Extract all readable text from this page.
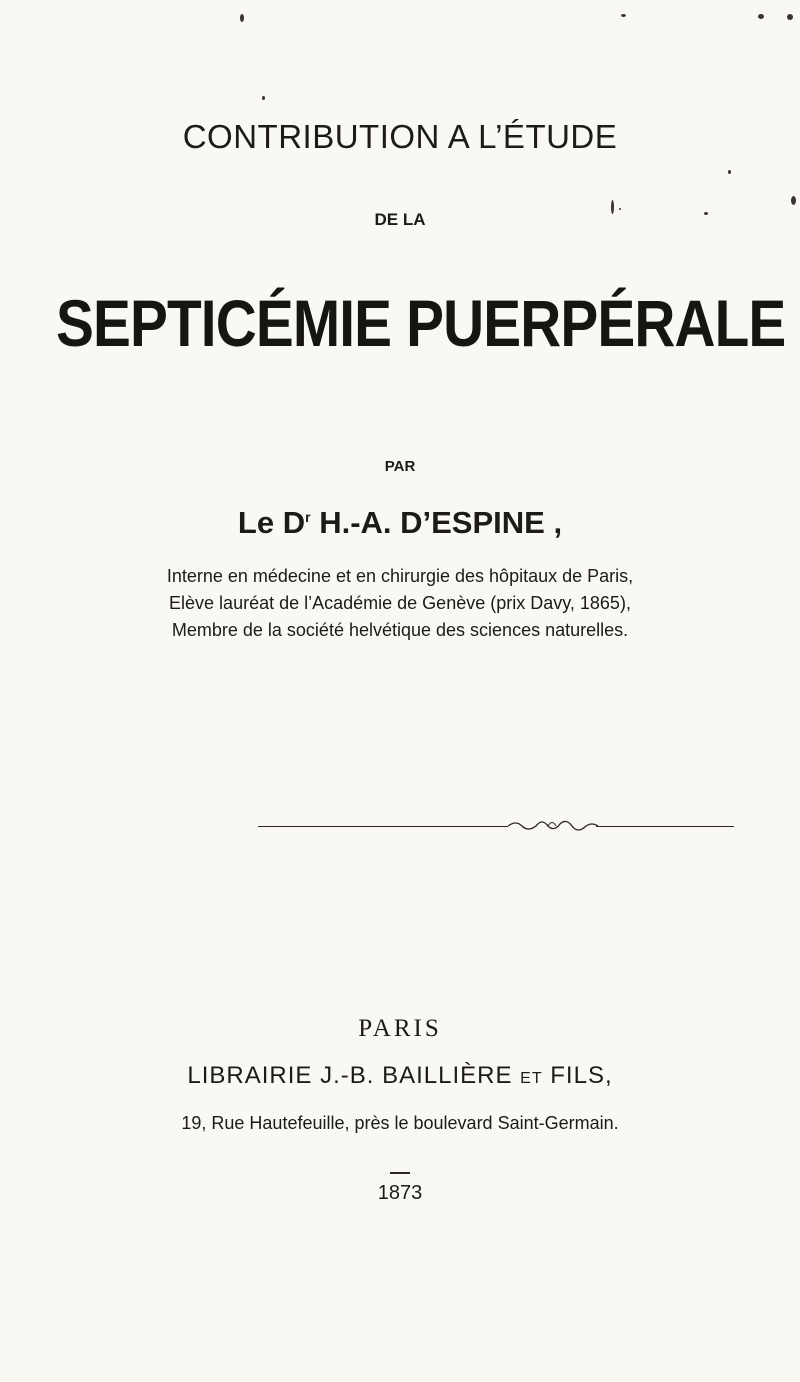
CONTRIBUTION A L’ÉTUDE
DE LA
SEPTICÉMIE PUERPÉRALE
PAR
Le $D^r$ H.-A. D’ESPINE ,
Interne en médecine et en chirurgie des hôpitaux de Paris,
Elève lauréat de l’Académie de Genève (prix Davy, 1865),
Membre de la société helvétique des sciences naturelles.
PARIS
LIBRAIRIE J.-B. BAILLIÈRE ET FILS,
19, Rue Hautefeuille, près le boulevard Saint-Germain.
1873
